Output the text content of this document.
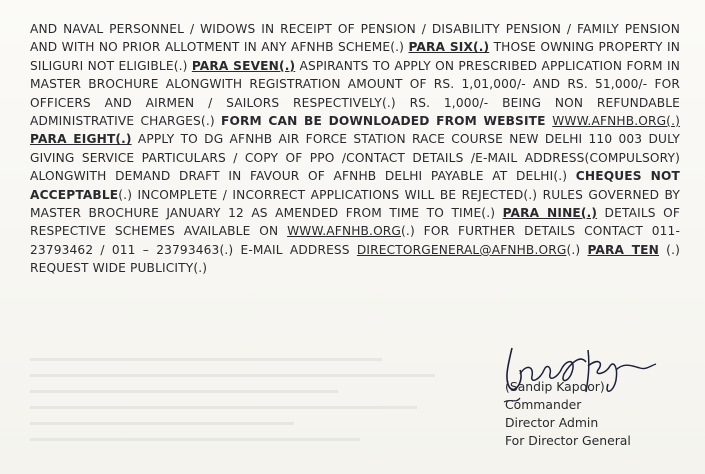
AND NAVAL PERSONNEL / WIDOWS IN RECEIPT OF PENSION / DISABILITY PENSION / FAMILY PENSION AND WITH NO PRIOR ALLOTMENT IN ANY AFNHB SCHEME(.) PARA SIX(.) THOSE OWNING PROPERTY IN SILIGURI NOT ELIGIBLE(.) PARA SEVEN(.) ASPIRANTS TO APPLY ON PRESCRIBED APPLICATION FORM IN MASTER BROCHURE ALONGWITH REGISTRATION AMOUNT OF RS. 1,01,000/- AND RS. 51,000/- FOR OFFICERS AND AIRMEN / SAILORS RESPECTIVELY(.) RS. 1,000/- BEING NON REFUNDABLE ADMINISTRATIVE CHARGES(.) FORM CAN BE DOWNLOADED FROM WEBSITE WWW.AFNHB.ORG(.) PARA EIGHT(.) APPLY TO DG AFNHB AIR FORCE STATION RACE COURSE NEW DELHI 110 003 DULY GIVING SERVICE PARTICULARS / COPY OF PPO /CONTACT DETAILS /E-MAIL ADDRESS(COMPULSORY) ALONGWITH DEMAND DRAFT IN FAVOUR OF AFNHB DELHI PAYABLE AT DELHI(.) CHEQUES NOT ACCEPTABLE(.) INCOMPLETE / INCORRECT APPLICATIONS WILL BE REJECTED(.) RULES GOVERNED BY MASTER BROCHURE JANUARY 12 AS AMENDED FROM TIME TO TIME(.) PARA NINE(.) DETAILS OF RESPECTIVE SCHEMES AVAILABLE ON WWW.AFNHB.ORG(.) FOR FURTHER DETAILS CONTACT 011-23793462 / 011 – 23793463(.) E-MAIL ADDRESS DIRECTORGENERAL@AFNHB.ORG(.) PARA TEN (.) REQUEST WIDE PUBLICITY(.)
(Sandip Kapoor)
Commander
Director Admin
For Director General
